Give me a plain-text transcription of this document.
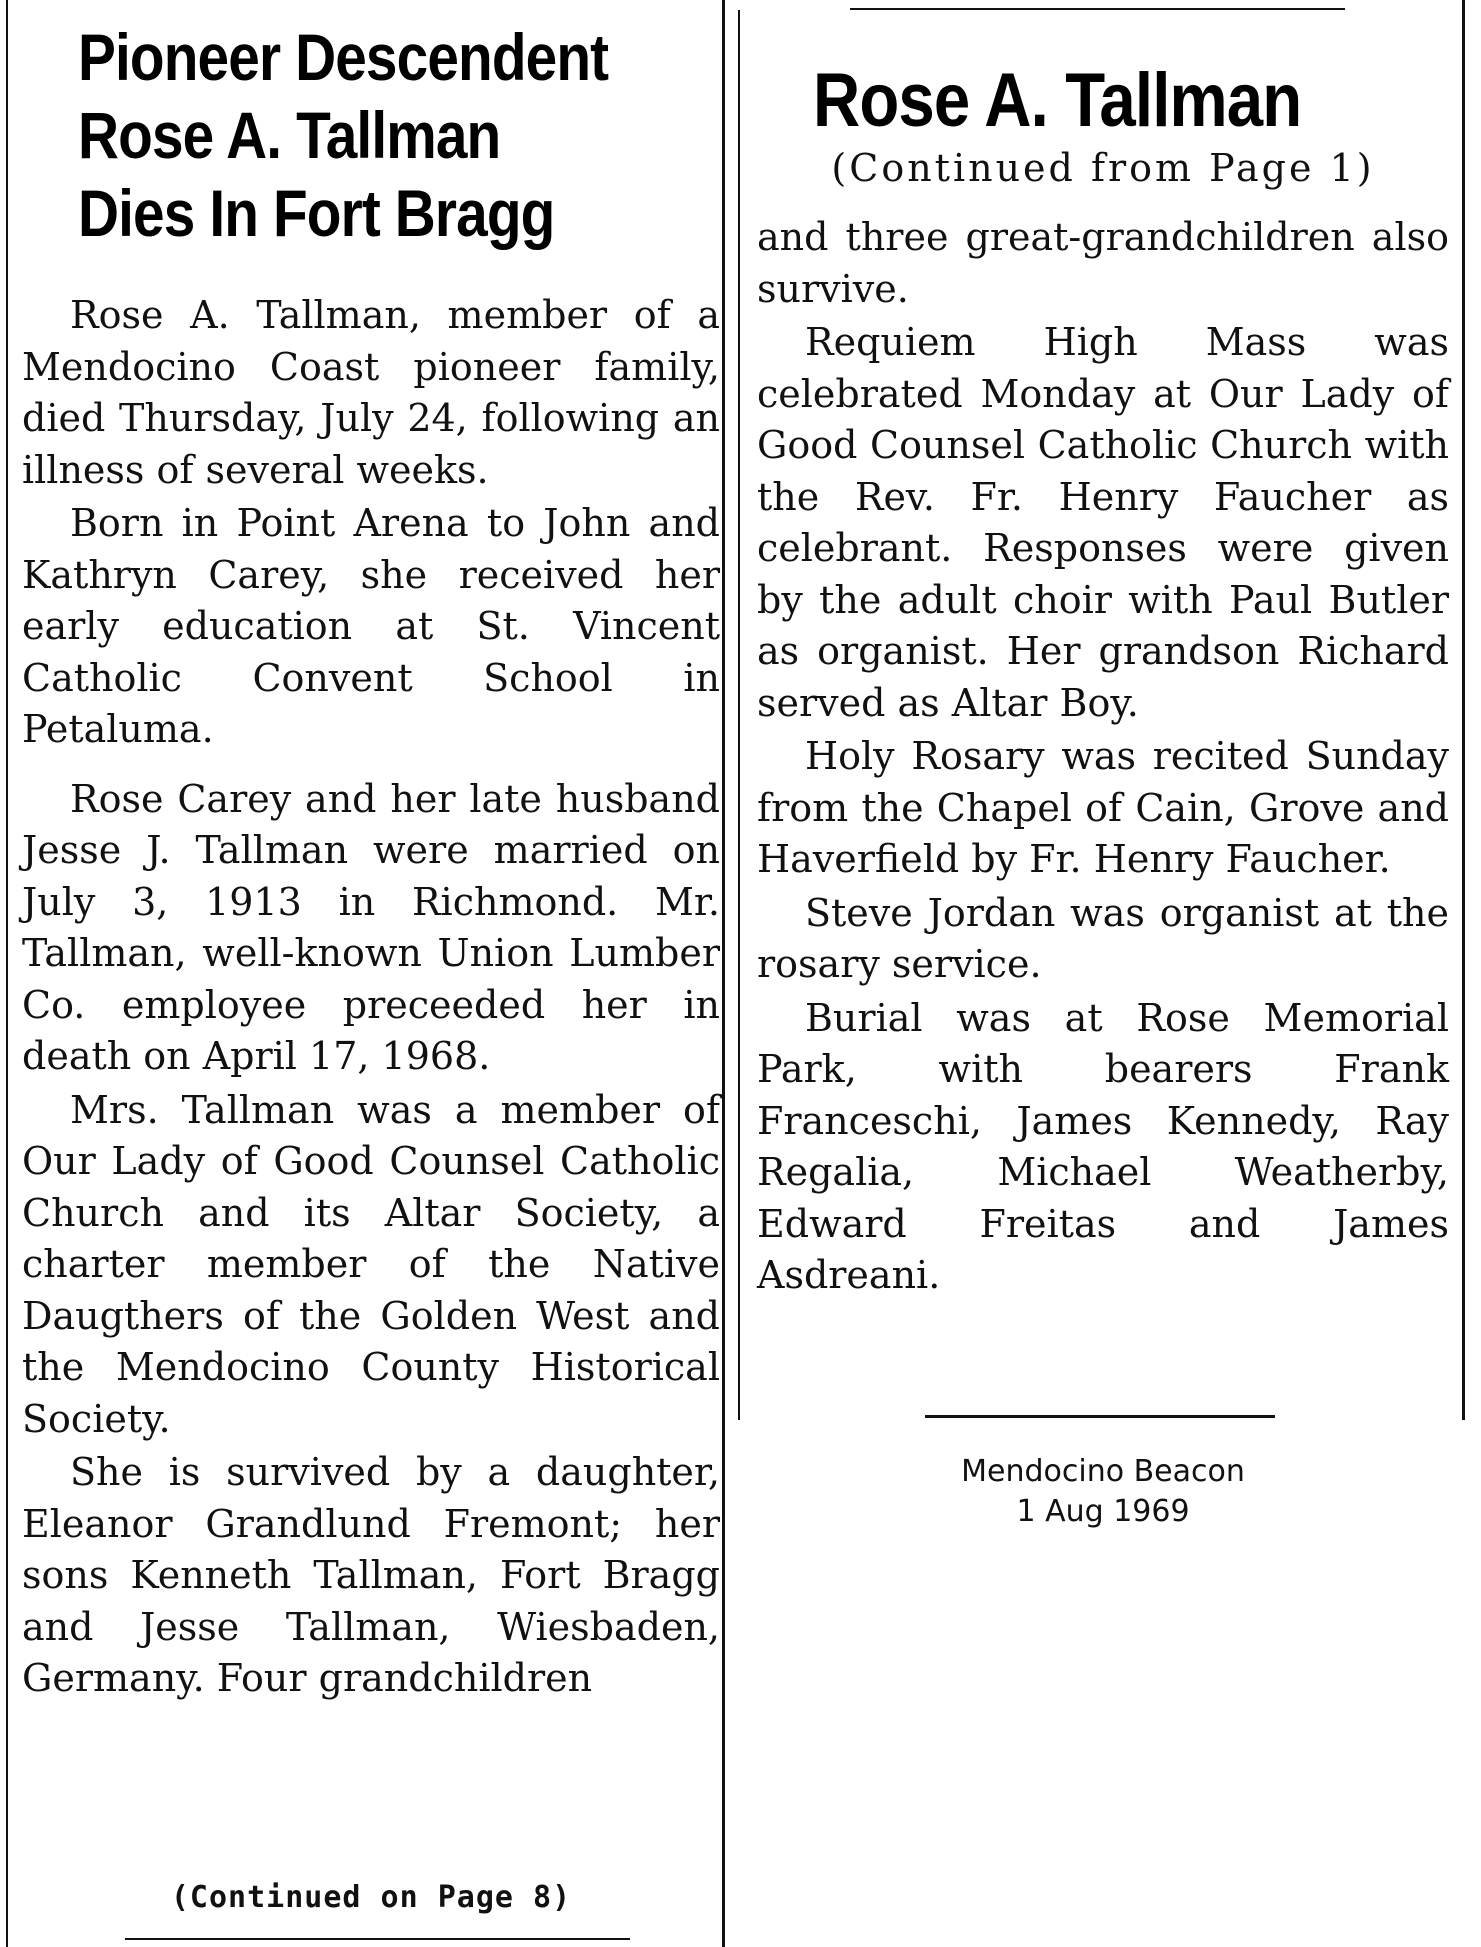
Pioneer Descendent
Rose A. Tallman
Dies In Fort Bragg

Rose A. Tallman, member of a Mendocino Coast pioneer family, died Thursday, July 24, following an illness of several weeks.

Born in Point Arena to John and Kathryn Carey, she received her early education at St. Vincent Catholic Convent School in Petaluma.

Rose Carey and her late husband Jesse J. Tallman were married on July 3, 1913 in Richmond. Mr. Tallman, well-known Union Lumber Co. employee preceeded her in death on April 17, 1968.

Mrs. Tallman was a member of Our Lady of Good Counsel Catholic Church and its Altar Society, a charter member of the Native Daugthers of the Golden West and the Mendocino County Historical Society.

She is survived by a daughter, Eleanor Grandlund Fremont; her sons Kenneth Tallman, Fort Bragg and Jesse Tallman, Wiesbaden, Germany. Four grandchildren

(Continued on Page 8)
Rose A. Tallman
(Continued from Page 1)

and three great-grandchildren also survive.

Requiem High Mass was celebrated Monday at Our Lady of Good Counsel Catholic Church with the Rev. Fr. Henry Faucher as celebrant. Responses were given by the adult choir with Paul Butler as organist. Her grandson Richard served as Altar Boy.

Holy Rosary was recited Sunday from the Chapel of Cain, Grove and Haverfield by Fr. Henry Faucher.

Steve Jordan was organist at the rosary service.

Burial was at Rose Memorial Park, with bearers Frank Franceschi, James Kennedy, Ray Regalia, Michael Weatherby, Edward Freitas and James Asdreani.

Mendocino Beacon
1 Aug 1969
